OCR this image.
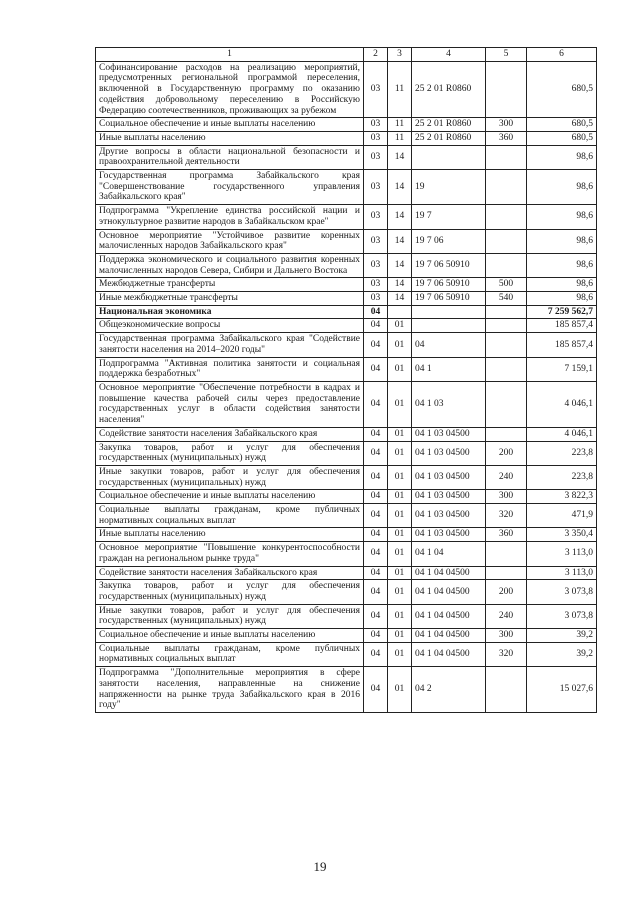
1	2	3	4	5	6
Софинансирование расходов на реализацию мероприятий, предусмотренных региональной программой переселения, включенной в Государственную программу по оказанию содействия добровольному переселению в Российскую Федерацию соотечественников, проживающих за рубежом	03	11	25 2 01 R0860		680,5
Социальное обеспечение и иные выплаты населению	03	11	25 2 01 R0860	300	680,5
Иные выплаты населению	03	11	25 2 01 R0860	360	680,5
Другие вопросы в области национальной безопасности и правоохранительной деятельности	03	14			98,6
Государственная программа Забайкальского края "Совершенствование государственного управления Забайкальского края"	03	14	19		98,6
Подпрограмма "Укрепление единства российской нации и этнокультурное развитие народов в Забайкальском крае"	03	14	19 7		98,6
Основное мероприятие "Устойчивое развитие коренных малочисленных народов Забайкальского края"	03	14	19 7 06		98,6
Поддержка экономического и социального развития коренных малочисленных народов Севера, Сибири и Дальнего Востока	03	14	19 7 06 50910		98,6
Межбюджетные трансферты	03	14	19 7 06 50910	500	98,6
Иные межбюджетные трансферты	03	14	19 7 06 50910	540	98,6
Национальная экономика	04				7 259 562,7
Общеэкономические вопросы	04	01			185 857,4
Государственная программа Забайкальского края "Содействие занятости населения на 2014–2020 годы"	04	01	04		185 857,4
Подпрограмма "Активная политика занятости и социальная поддержка безработных"	04	01	04 1		7 159,1
Основное мероприятие "Обеспечение потребности в кадрах и повышение качества рабочей силы через предоставление государственных услуг в области содействия занятости населения"	04	01	04 1 03		4 046,1
Содействие занятости населения Забайкальского края	04	01	04 1 03 04500		4 046,1
Закупка товаров, работ и услуг для обеспечения государственных (муниципальных) нужд	04	01	04 1 03 04500	200	223,8
Иные закупки товаров, работ и услуг для обеспечения государственных (муниципальных) нужд	04	01	04 1 03 04500	240	223,8
Социальное обеспечение и иные выплаты населению	04	01	04 1 03 04500	300	3 822,3
Социальные выплаты гражданам, кроме публичных нормативных социальных выплат	04	01	04 1 03 04500	320	471,9
Иные выплаты населению	04	01	04 1 03 04500	360	3 350,4
Основное мероприятие "Повышение конкурентоспособности граждан на региональном рынке труда"	04	01	04 1 04		3 113,0
Содействие занятости населения Забайкальского края	04	01	04 1 04 04500		3 113,0
Закупка товаров, работ и услуг для обеспечения государственных (муниципальных) нужд	04	01	04 1 04 04500	200	3 073,8
Иные закупки товаров, работ и услуг для обеспечения государственных (муниципальных) нужд	04	01	04 1 04 04500	240	3 073,8
Социальное обеспечение и иные выплаты населению	04	01	04 1 04 04500	300	39,2
Социальные выплаты гражданам, кроме публичных нормативных социальных выплат	04	01	04 1 04 04500	320	39,2
Подпрограмма "Дополнительные мероприятия в сфере занятости населения, направленные на снижение напряженности на рынке труда Забайкальского края в 2016 году"	04	01	04 2		15 027,6
19
